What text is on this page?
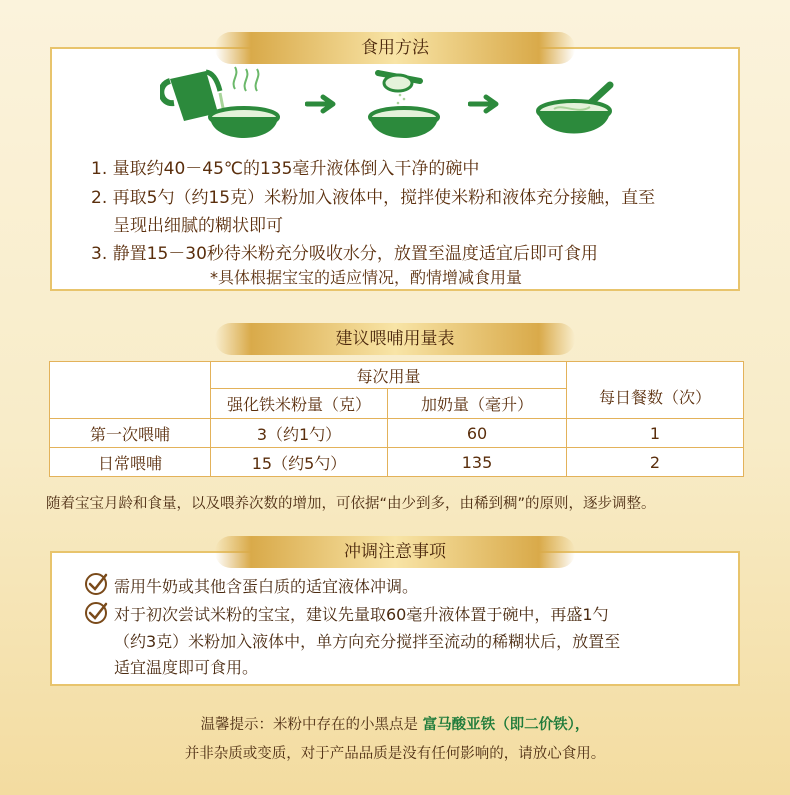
食用方法
1. 量取约40－45℃的135毫升液体倒入干净的碗中
2. 再取5勺（约15克）米粉加入液体中，搅拌使米粉和液体充分接触，直至
呈现出细腻的糊状即可
3. 静置15－30秒待米粉充分吸收水分，放置至温度适宜后即可食用
*具体根据宝宝的适应情况，酌情增减食用量
建议喂哺用量表
	每次用量		每日餐数（次）
	强化铁米粉量（克）	加奶量（毫升）	
第一次喂哺	3（约1勺）	60	1
日常喂哺	15（约5勺）	135	2
随着宝宝月龄和食量，以及喂养次数的增加，可依据“由少到多，由稀到稠”的原则，逐步调整。
冲调注意事项
需用牛奶或其他含蛋白质的适宜液体冲调。
对于初次尝试米粉的宝宝，建议先量取60毫升液体置于碗中，再盛1勺
（约3克）米粉加入液体中，单方向充分搅拌至流动的稀糊状后，放置至
适宜温度即可食用。
温馨提示：米粉中存在的小黑点是 富马酸亚铁（即二价铁），
并非杂质或变质，对于产品品质是没有任何影响的，请放心食用。
